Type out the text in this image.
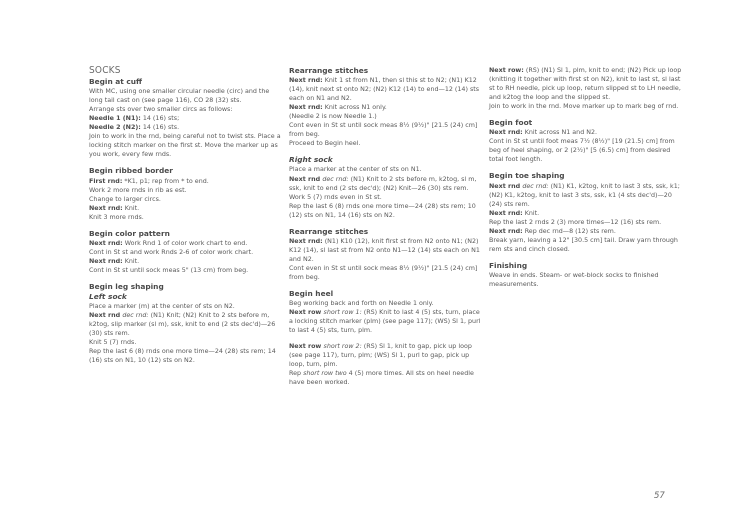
SOCKS
Begin at cuff

With MC, using one smaller circular needle (circ) and the long tail cast on (see page 116), CO 28 (32) sts.

Arrange sts over two smaller circs as follows:

Needle 1 (N1): 14 (16) sts;

Needle 2 (N2): 14 (16) sts.

Join to work in the rnd, being careful not to twist sts. Place a locking stitch marker on the first st. Move the marker up as you work, every few rnds.

Begin ribbed border

First rnd: *K1, p1; rep from * to end.

Work 2 more rnds in rib as est.

Change to larger circs.

Next rnd: Knit.

Knit 3 more rnds.

Begin color pattern

Next rnd: Work Rnd 1 of color work chart to end.

Cont in St st and work Rnds 2-6 of color work chart.

Next rnd: Knit.

Cont in St st until sock meas 5" (13 cm) from beg.

Begin leg shaping
Left sock

Place a marker (m) at the center of sts on N2.

Next rnd dec rnd: (N1) Knit; (N2) Knit to 2 sts before m, k2tog, slip marker (sl m), ssk, knit to end (2 sts dec'd)—26 (30) sts rem.

Knit 5 (7) rnds.

Rep the last 6 (8) rnds one more time—24 (28) sts rem; 14 (16) sts on N1, 10 (12) sts on N2.

Rearrange stitches

Next rnd: Knit 1 st from N1, then sl this st to N2; (N1) K12 (14), knit next st onto N2; (N2) K12 (14) to end—12 (14) sts each on N1 and N2.

Next rnd: Knit across N1 only.

(Needle 2 is now Needle 1.)

Cont even in St st until sock meas 8½ (9½)" [21.5 (24) cm] from beg.

Proceed to Begin heel.

Right sock

Place a marker at the center of sts on N1.

Next rnd dec rnd: (N1) Knit to 2 sts before m, k2tog, sl m, ssk, knit to end (2 sts dec'd); (N2) Knit—26 (30) sts rem.

Work 5 (7) rnds even in St st.

Rep the last 6 (8) rnds one more time—24 (28) sts rem; 10 (12) sts on N1, 14 (16) sts on N2.

Rearrange stitches

Next rnd: (N1) K10 (12), knit first st from N2 onto N1; (N2) K12 (14), sl last st from N2 onto N1—12 (14) sts each on N1 and N2.

Cont even in St st until sock meas 8½ (9½)" [21.5 (24) cm] from beg.

Begin heel

Beg working back and forth on Needle 1 only.

Next row short row 1: (RS) Knit to last 4 (5) sts, turn, place a locking stitch marker (plm) (see page 117); (WS) Sl 1, purl to last 4 (5) sts, turn, plm.

Next row short row 2: (RS) Sl 1, knit to gap, pick up loop (see page 117), turn, plm; (WS) Sl 1, purl to gap, pick up loop, turn, plm.

Rep short row two 4 (5) more times. All sts on heel needle have been worked.

Next row: (RS) (N1) Sl 1, plm, knit to end; (N2) Pick up loop (knitting it together with first st on N2), knit to last st, sl last st to RH needle, pick up loop, return slipped st to LH needle, and k2tog the loop and the slipped st.

Join to work in the rnd. Move marker up to mark beg of rnd.

Begin foot

Next rnd: Knit across N1 and N2.

Cont in St st until foot meas 7½ (8½)" [19 (21.5) cm] from beg of heel shaping, or 2 (2½)" [5 (6.5) cm] from desired total foot length.

Begin toe shaping

Next rnd dec rnd: (N1) K1, k2tog, knit to last 3 sts, ssk, k1; (N2) K1, k2tog, knit to last 3 sts, ssk, k1 (4 sts dec'd)—20 (24) sts rem.

Next rnd: Knit.

Rep the last 2 rnds 2 (3) more times—12 (16) sts rem.

Next rnd: Rep dec rnd—8 (12) sts rem.

Break yarn, leaving a 12" [30.5 cm] tail. Draw yarn through rem sts and cinch closed.

Finishing

Weave in ends. Steam- or wet-block socks to finished measurements.

57
